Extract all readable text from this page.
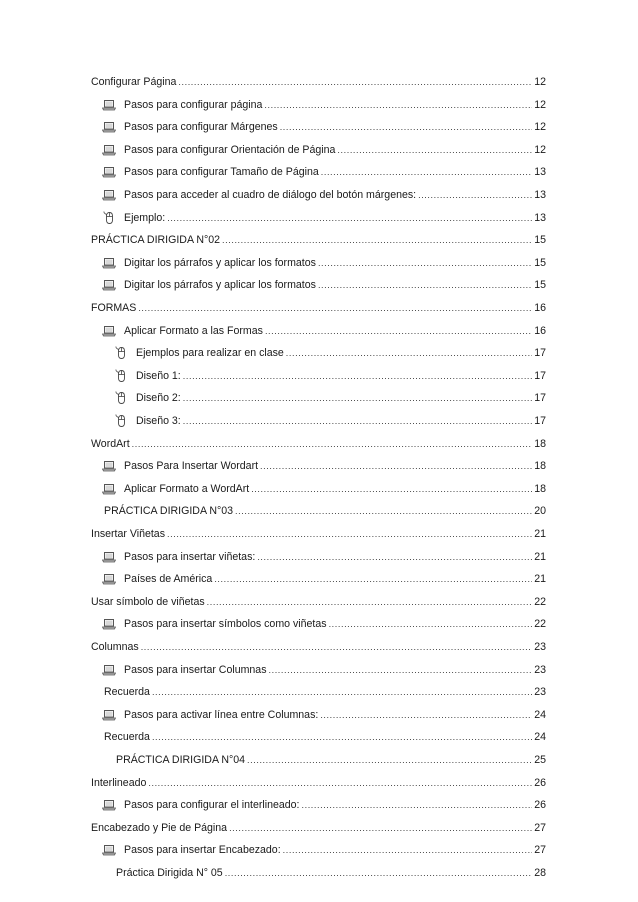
Configurar Página .....	12
Pasos para configurar página .....	12
Pasos para configurar Márgenes .....	12
Pasos para configurar Orientación de Página .....	12
Pasos para configurar Tamaño de Página .....	13
Pasos para acceder al cuadro de diálogo del botón márgenes: .....	13
Ejemplo: .....	13
PRÁCTICA DIRIGIDA N°02 .....	15
Digitar los párrafos y aplicar los formatos .....	15
Digitar los párrafos y aplicar los formatos .....	15
FORMAS .....	16
Aplicar Formato a las Formas .....	16
Ejemplos para realizar en clase .....	17
Diseño 1: .....	17
Diseño 2: .....	17
Diseño 3: .....	17
WordArt .....	18
Pasos Para Insertar Wordart .....	18
Aplicar Formato a WordArt .....	18
PRÁCTICA DIRIGIDA N°03 .....	20
Insertar Viñetas .....	21
Pasos para insertar viñetas: .....	21
Países de América .....	21
Usar símbolo de viñetas .....	22
Pasos para insertar símbolos como viñetas .....	22
Columnas .....	23
Pasos para insertar Columnas .....	23
Recuerda .....	23
Pasos para activar línea entre Columnas: .....	24
Recuerda .....	24
PRÁCTICA DIRIGIDA N°04 .....	25
Interlineado .....	26
Pasos para configurar el interlineado: .....	26
Encabezado y Pie de Página .....	27
Pasos para insertar Encabezado: .....	27
Práctica Dirigida N° 05 .....	28
